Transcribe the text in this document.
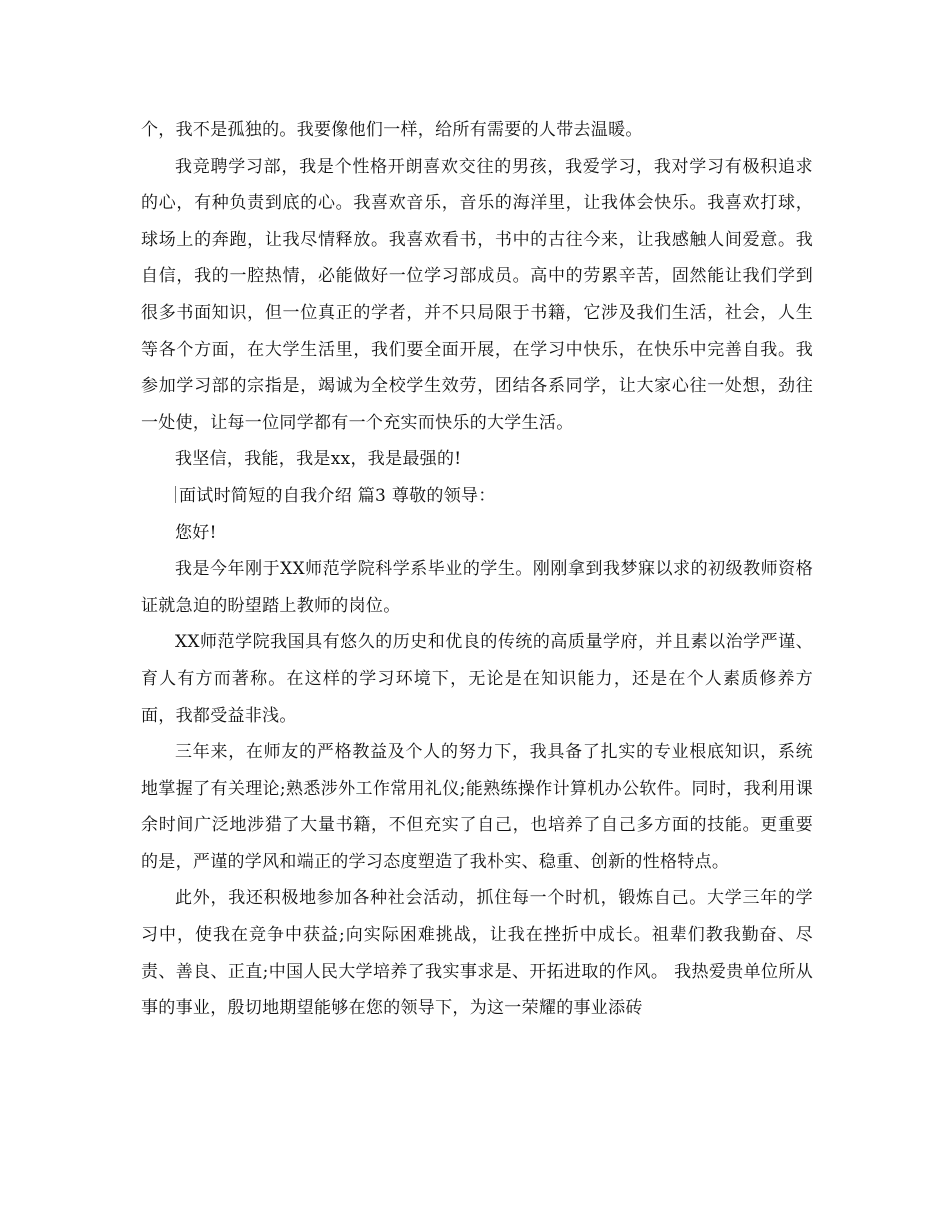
个，我不是孤独的。我要像他们一样，给所有需要的人带去温暖。

我竞聘学习部，我是个性格开朗喜欢交往的男孩，我爱学习，我对学习有极积追求的心，有种负责到底的心。我喜欢音乐，音乐的海洋里，让我体会快乐。我喜欢打球，球场上的奔跑，让我尽情释放。我喜欢看书，书中的古往今来，让我感触人间爱意。我自信，我的一腔热情，必能做好一位学习部成员。高中的劳累辛苦，固然能让我们学到很多书面知识，但一位真正的学者，并不只局限于书籍，它涉及我们生活，社会，人生等各个方面，在大学生活里，我们要全面开展，在学习中快乐，在快乐中完善自我。我参加学习部的宗指是，竭诚为全校学生效劳，团结各系同学，让大家心往一处想，劲往一处使，让每一位同学都有一个充实而快乐的大学生活。

我坚信，我能，我是xx，我是最强的!

面试时简短的自我介绍 篇3 尊敬的领导：

您好!

我是今年刚于XX师范学院科学系毕业的学生。刚刚拿到我梦寐以求的初级教师资格证就急迫的盼望踏上教师的岗位。

XX师范学院我国具有悠久的历史和优良的传统的高质量学府，并且素以治学严谨、育人有方而著称。在这样的学习环境下，无论是在知识能力，还是在个人素质修养方面，我都受益非浅。

三年来，在师友的严格教益及个人的努力下，我具备了扎实的专业根底知识，系统地掌握了有关理论;熟悉涉外工作常用礼仪;能熟练操作计算机办公软件。同时，我利用课余时间广泛地涉猎了大量书籍，不但充实了自己，也培养了自己多方面的技能。更重要的是，严谨的学风和端正的学习态度塑造了我朴实、稳重、创新的性格特点。

此外，我还积极地参加各种社会活动，抓住每一个时机，锻炼自己。大学三年的学习中，使我在竞争中获益;向实际困难挑战，让我在挫折中成长。祖辈们教我勤奋、尽责、善良、正直;中国人民大学培养了我实事求是、开拓进取的作风。 我热爱贵单位所从事的事业，殷切地期望能够在您的领导下，为这一荣耀的事业添砖
